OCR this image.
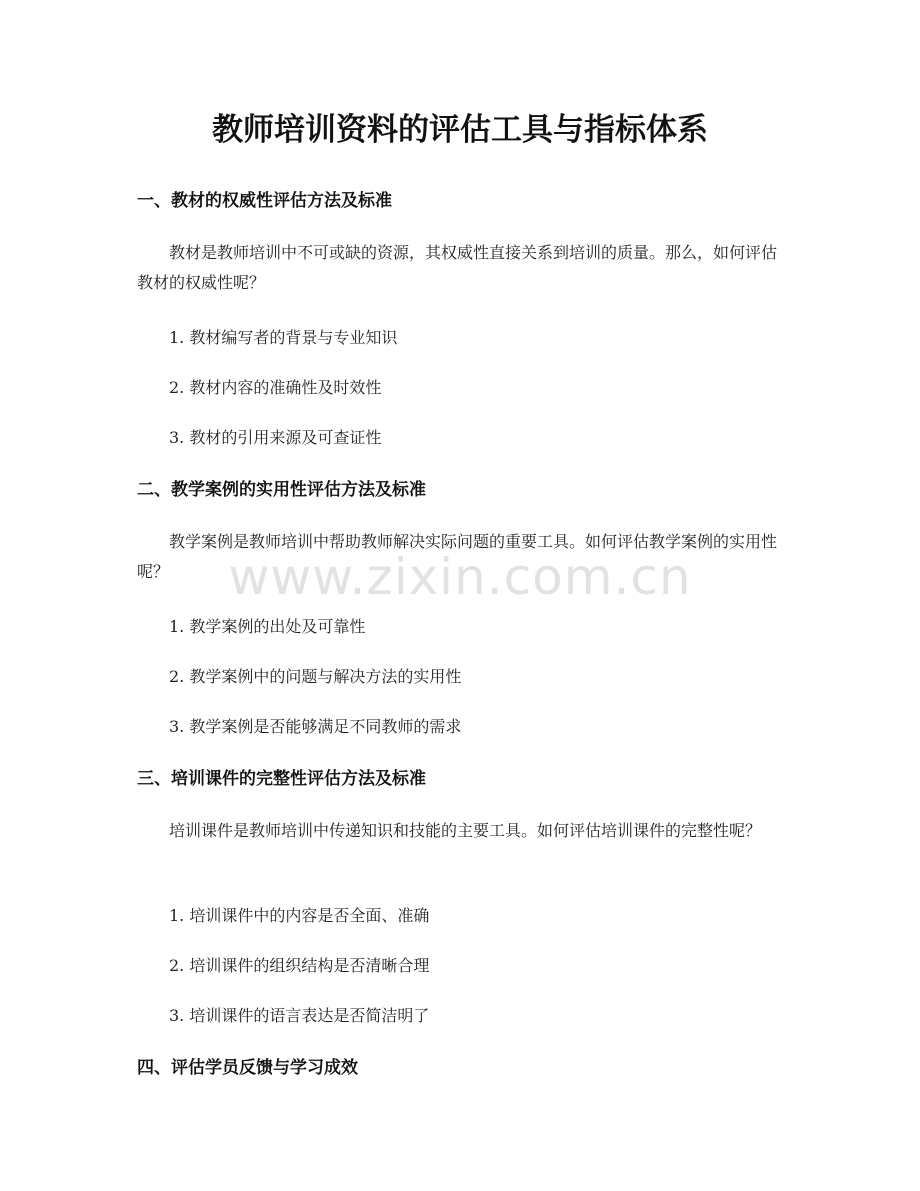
教师培训资料的评估工具与指标体系
一、教材的权威性评估方法及标准

教材是教师培训中不可或缺的资源，其权威性直接关系到培训的质量。那么，如何评估教材的权威性呢？

1. 教材编写者的背景与专业知识

2. 教材内容的准确性及时效性

3. 教材的引用来源及可查证性

二、教学案例的实用性评估方法及标准

教学案例是教师培训中帮助教师解决实际问题的重要工具。如何评估教学案例的实用性呢？

1. 教学案例的出处及可靠性

2. 教学案例中的问题与解决方法的实用性

3. 教学案例是否能够满足不同教师的需求

三、培训课件的完整性评估方法及标准

培训课件是教师培训中传递知识和技能的主要工具。如何评估培训课件的完整性呢？

1. 培训课件中的内容是否全面、准确

2. 培训课件的组织结构是否清晰合理

3. 培训课件的语言表达是否简洁明了

四、评估学员反馈与学习成效
www.zixin.com.cn
